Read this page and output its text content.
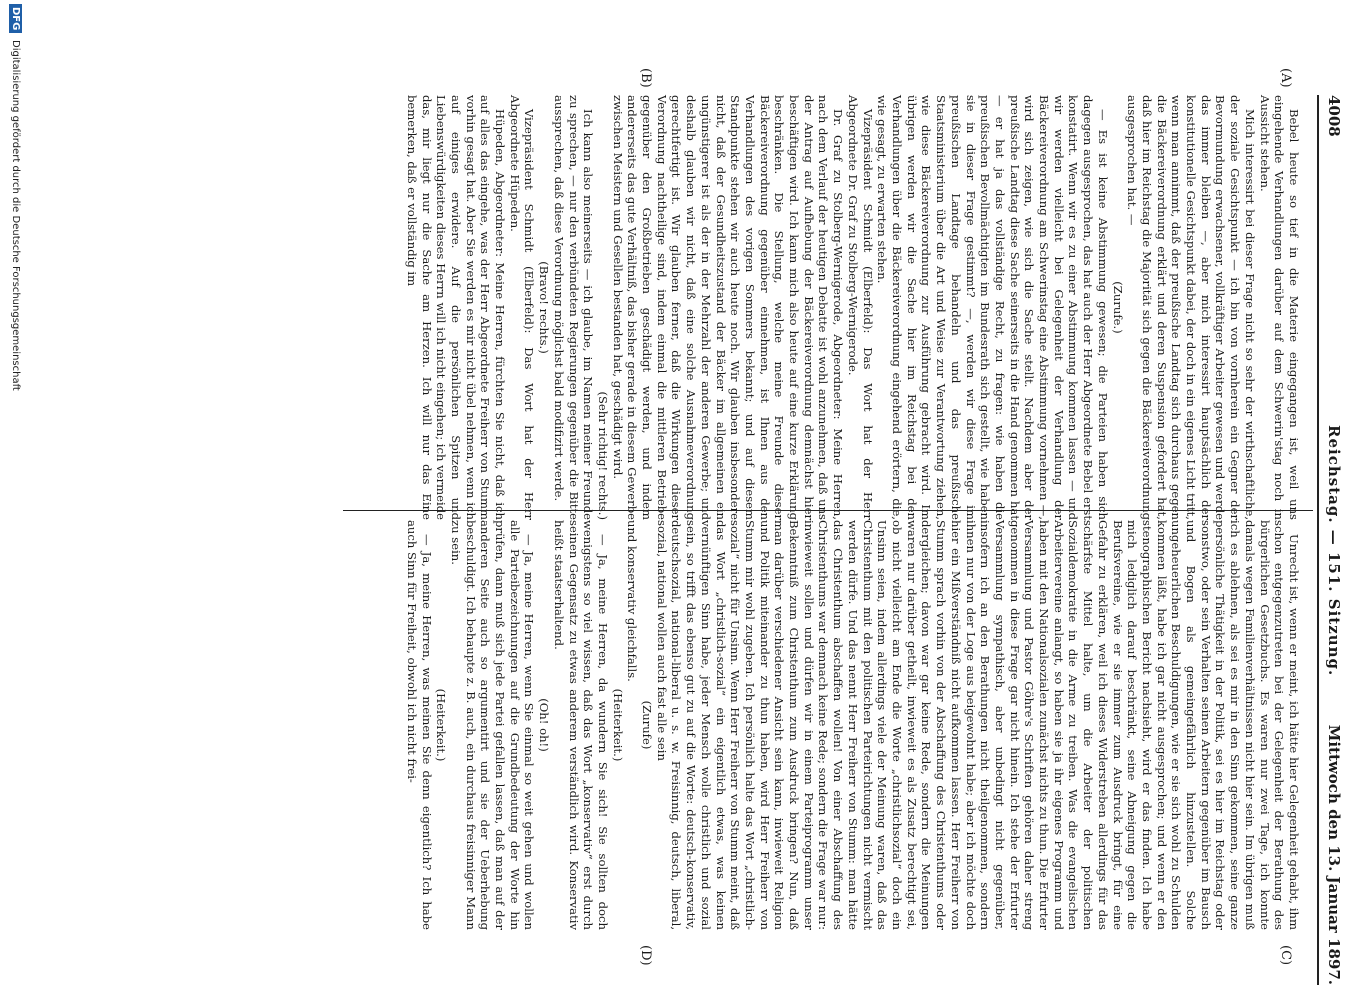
4008
Reichstag. — 151. Sitzung.
Mittwoch den 13. Januar 1897.
(A)
(B)
(C)
(D)

Bebel heute so tief in die Materie eingegangen ist, weil uns eingehende Verhandlungen darüber auf dem Schwerin'stag noch in Aussicht stehen.

Mich interessirt bei dieser Frage nicht so sehr der wirthschaftliche, der soziale Gesichtspunkt — ich bin von vornherein ein Gegner der Bevormundung erwachsener, vollkräftiger Arbeiter gewesen und werde das immer bleiben —, aber mich interessirt hauptsächlich der konstitutionelle Gesichtspunkt dabei, der doch in ein eigenes Licht tritt, wenn man annimmt, daß der preußische Landtag sich durchaus gegen die Bäckereiverordnung erklärt und deren Suspension gefordert hat, daß hier im Reichstag die Majorität sich gegen die Bäckereiverordnung ausgesprochen hat. —

(Zurufe.)

— Es ist keine Abstimmung gewesen; die Parteien haben sich dagegen ausgesprochen, das hat auch der Herr Abgeordnete Bebel erst konstatirt. Wenn wir es zu einer Abstimmung kommen lassen — und wir werden vielleicht bei Gelegenheit der Verhandlung der Bäckereiverordnung am Schwerinstag eine Abstimmung vornehmen —, wird sich zeigen, wie sich die Sache stellt. Nachdem aber der preußische Landtag diese Sache seinerseits in die Hand genommen hat — er hat ja das vollständige Recht, zu fragen: wie haben die preußischen Bevollmächtigten im Bundesrath sich gestellt, wie haben sie in dieser Frage gestimmt? —, werden wir diese Frage im preußischen Landtage behandeln und das preußische Staatsministerium über die Art und Weise zur Verantwortung ziehen, wie diese Bäckereiverordnung zur Ausführung gebracht wird. Im übrigen werden wir die Sache hier im Reichstag bei den Verhandlungen über die Bäckereiverordnung eingehend erörtern, die, wie gesagt, zu erwarten stehen.

Vizepräsident Schmidt (Elberfeld): Das Wort hat der Herr Abgeordnete Dr. Graf zu Stolberg-Wernigerode.

Dr. Graf zu Stolberg-Wernigerode, Abgeordneter: Meine Herren, nach dem Verlauf der heutigen Debatte ist wohl anzunehmen, daß uns der Antrag auf Aufhebung der Bäckereiverordnung demnächst hier beschäftigen wird. Ich kann mich also heute auf eine kurze Erklärung beschränken. Die Stellung, welche meine Freunde dieser Bäckereiverordnung gegenüber einnehmen, ist Ihnen aus den Verhandlungen des vorigen Sommers bekannt; und auf diesem Standpunkte stehen wir auch heute noch. Wir glauben insbesondere nicht, daß der Gesundheitszustand der Bäcker im allgemeinen ein ungünstigerer ist als der in der Mehrzahl der anderen Gewerbe; und deshalb glauben wir nicht, daß eine solche Ausnahmeverordnung gerechtfertigt ist. Wir glauben ferner, daß die Wirkungen dieser Verordnung nachtheilige sind, indem einmal die mittleren Betriebe gegenüber den Großbetrieben geschädigt werden, und indem andererseits das gute Verhältniß, das bisher gerade in diesem Gewerbe zwischen Meistern und Gesellen bestanden hat, geschädigt wird.

(Sehr richtig! rechts.)

Ich kann also meinerseits — ich glaube, im Namen meiner Freunde zu sprechen, — nur den verbündeten Regierungen gegenüber die Bitte aussprechen, daß diese Verordnung möglichst bald modifizirt werde.

(Bravo! rechts.)

Vizepräsident Schmidt (Elberfeld): Das Wort hat der Herr Abgeordnete Hüpeden.

Hüpeden, Abgeordneter: Meine Herren, fürchten Sie nicht, daß ich auf alles das eingehe, was der Herr Abgeordnete Freiherr von Stumm vorhin gesagt hat. Aber Sie werden es mir nicht übel nehmen, wenn ich auf einiges erwidere. Auf die persönlichen Spitzen und Liebenswürdigkeiten dieses Herrn will ich nicht eingehen; ich vermeide das, mir liegt nur die Sache am Herzen. Ich will nur das Eine bemerken, daß er vollständig im

Unrecht ist, wenn er meint, ich hätte hier Gelegenheit gehabt, ihm schon entgegenzutreten bei der Gelegenheit der Berathung des bürgerlichen Gesetzbuchs. Es waren nur zwei Tage, ich konnte damals wegen Familienverhältnissen nicht hier sein. Im übrigen muß ich es ablehnen, als sei es mir in den Sinn gekommen, seine ganze persönliche Thätigkeit in der Politik, sei es hier im Reichstag oder sonstwo, oder sein Verhalten seinen Arbeitern gegenüber im Bausch und Bogen als gemeingefährlich hinzustellen. Solche ungeheuerlichen Beschuldigungen, wie er sie sich wohl zu Schulden kommen läßt, habe ich gar nicht ausgesprochen; und wenn er den stenographischen Bericht nachsieht, wird er das finden. Ich habe mich lediglich darauf beschränkt, seine Abneigung gegen die Berufsvereine, wie er sie immer zum Ausdruck bringt, für eine Gefahr zu erklären, weil ich dieses Widerstreben allerdings für das schärfste Mittel halte, um die Arbeiter der politischen Sozialdemokratie in die Arme zu treiben. Was die evangelischen Arbeitervereine anlangt, so haben sie ja ihr eigenes Programm und haben mit den Nationalsozialen zunächst nichts zu thun. Die Erfurter Versammlung und Pastor Göhre's Schriften gehören daher streng genommen in diese Frage gar nicht hinein. Ich stehe der Erfurter Versammlung sympathisch, aber unbedingt nicht gegenüber, insofern ich an den Berathungen nicht theilgenommen, sondern ihnen nur von der Loge aus beigewohnt habe; aber ich möchte doch hier ein Mißverständniß nicht aufkommen lassen. Herr Freiherr von Stumm sprach vorhin von der Abschaffung des Christenthums oder dergleichen; davon war gar keine Rede, sondern die Meinungen waren nur darüber getheilt, inwieweit es als Zusatz berechtigt sei, ob nicht vielleicht am Ende die Worte „christlichsozial“ doch ein Unsinn seien, indem allerdings viele der Meinung waren, daß das Christenthum mit den politischen Parteirichtungen nicht vermischt werden dürfe. Und das nennt Herr Freiherr von Stumm: man hätte das Christenthum abschaffen wollen! Von einer Abschaffung des Christenthums war demnach keine Rede; sondern die Frage war nur: inwieweit sollen und dürfen wir in einem Parteiprogramm unser Bekenntniß zum Christenthum zum Ausdruck bringen? Nun, daß man darüber verschiedener Ansicht sein kann, inwieweit Religion und Politik miteinander zu thun haben, wird Herr Freiherr von Stumm mir wohl zugeben. Ich persönlich halte das Wort „christlich-sozial“ nicht für Unsinn. Wenn Herr Freiherr von Stumm meint, daß das Wort „christlich-sozial“ ein eigentlich etwas, was keinen vernünftigen Sinn habe, jeder Mensch wolle christlich und sozial sein, so trifft das ebenso gut zu auf die Worte: deutsch-konservativ, deutschsozial, national-liberal u. s. w. Freisinnig, deutsch, liberal, sozial, national wollen auch fast alle sein

(Zurufe)

und konservativ gleichfalls.

(Heiterkeit.)

— Ja, meine Herren, da wundern Sie sich! Sie sollten doch wenigstens so viel wissen, daß das Wort „konservativ“ erst durch seinen Gegensatz zu etwas anderem verständlich wird. Konservativ heißt staatserhaltend.

(Oh! oh!)

— Ja, meine Herren, wenn Sie einmal so weit gehen und wollen alle Parteibezeichnungen auf die Grundbedeutung der Worte hin prüfen, dann muß sich jede Partei gefallen lassen, daß man auf der anderen Seite auch so argumentirt und sie der Ueberhebung beschuldigt. Ich behaupte z. B. auch, ein durchaus freisinniger Mann zu sein.

(Heiterkeit.)

— Ja, meine Herren, was meinen Sie denn eigentlich? Ich habe auch Sinn für Freiheit, obwohl ich nicht frei-

DFG
Digitalisierung gefördert durch die Deutsche Forschungsgemeinschaft
